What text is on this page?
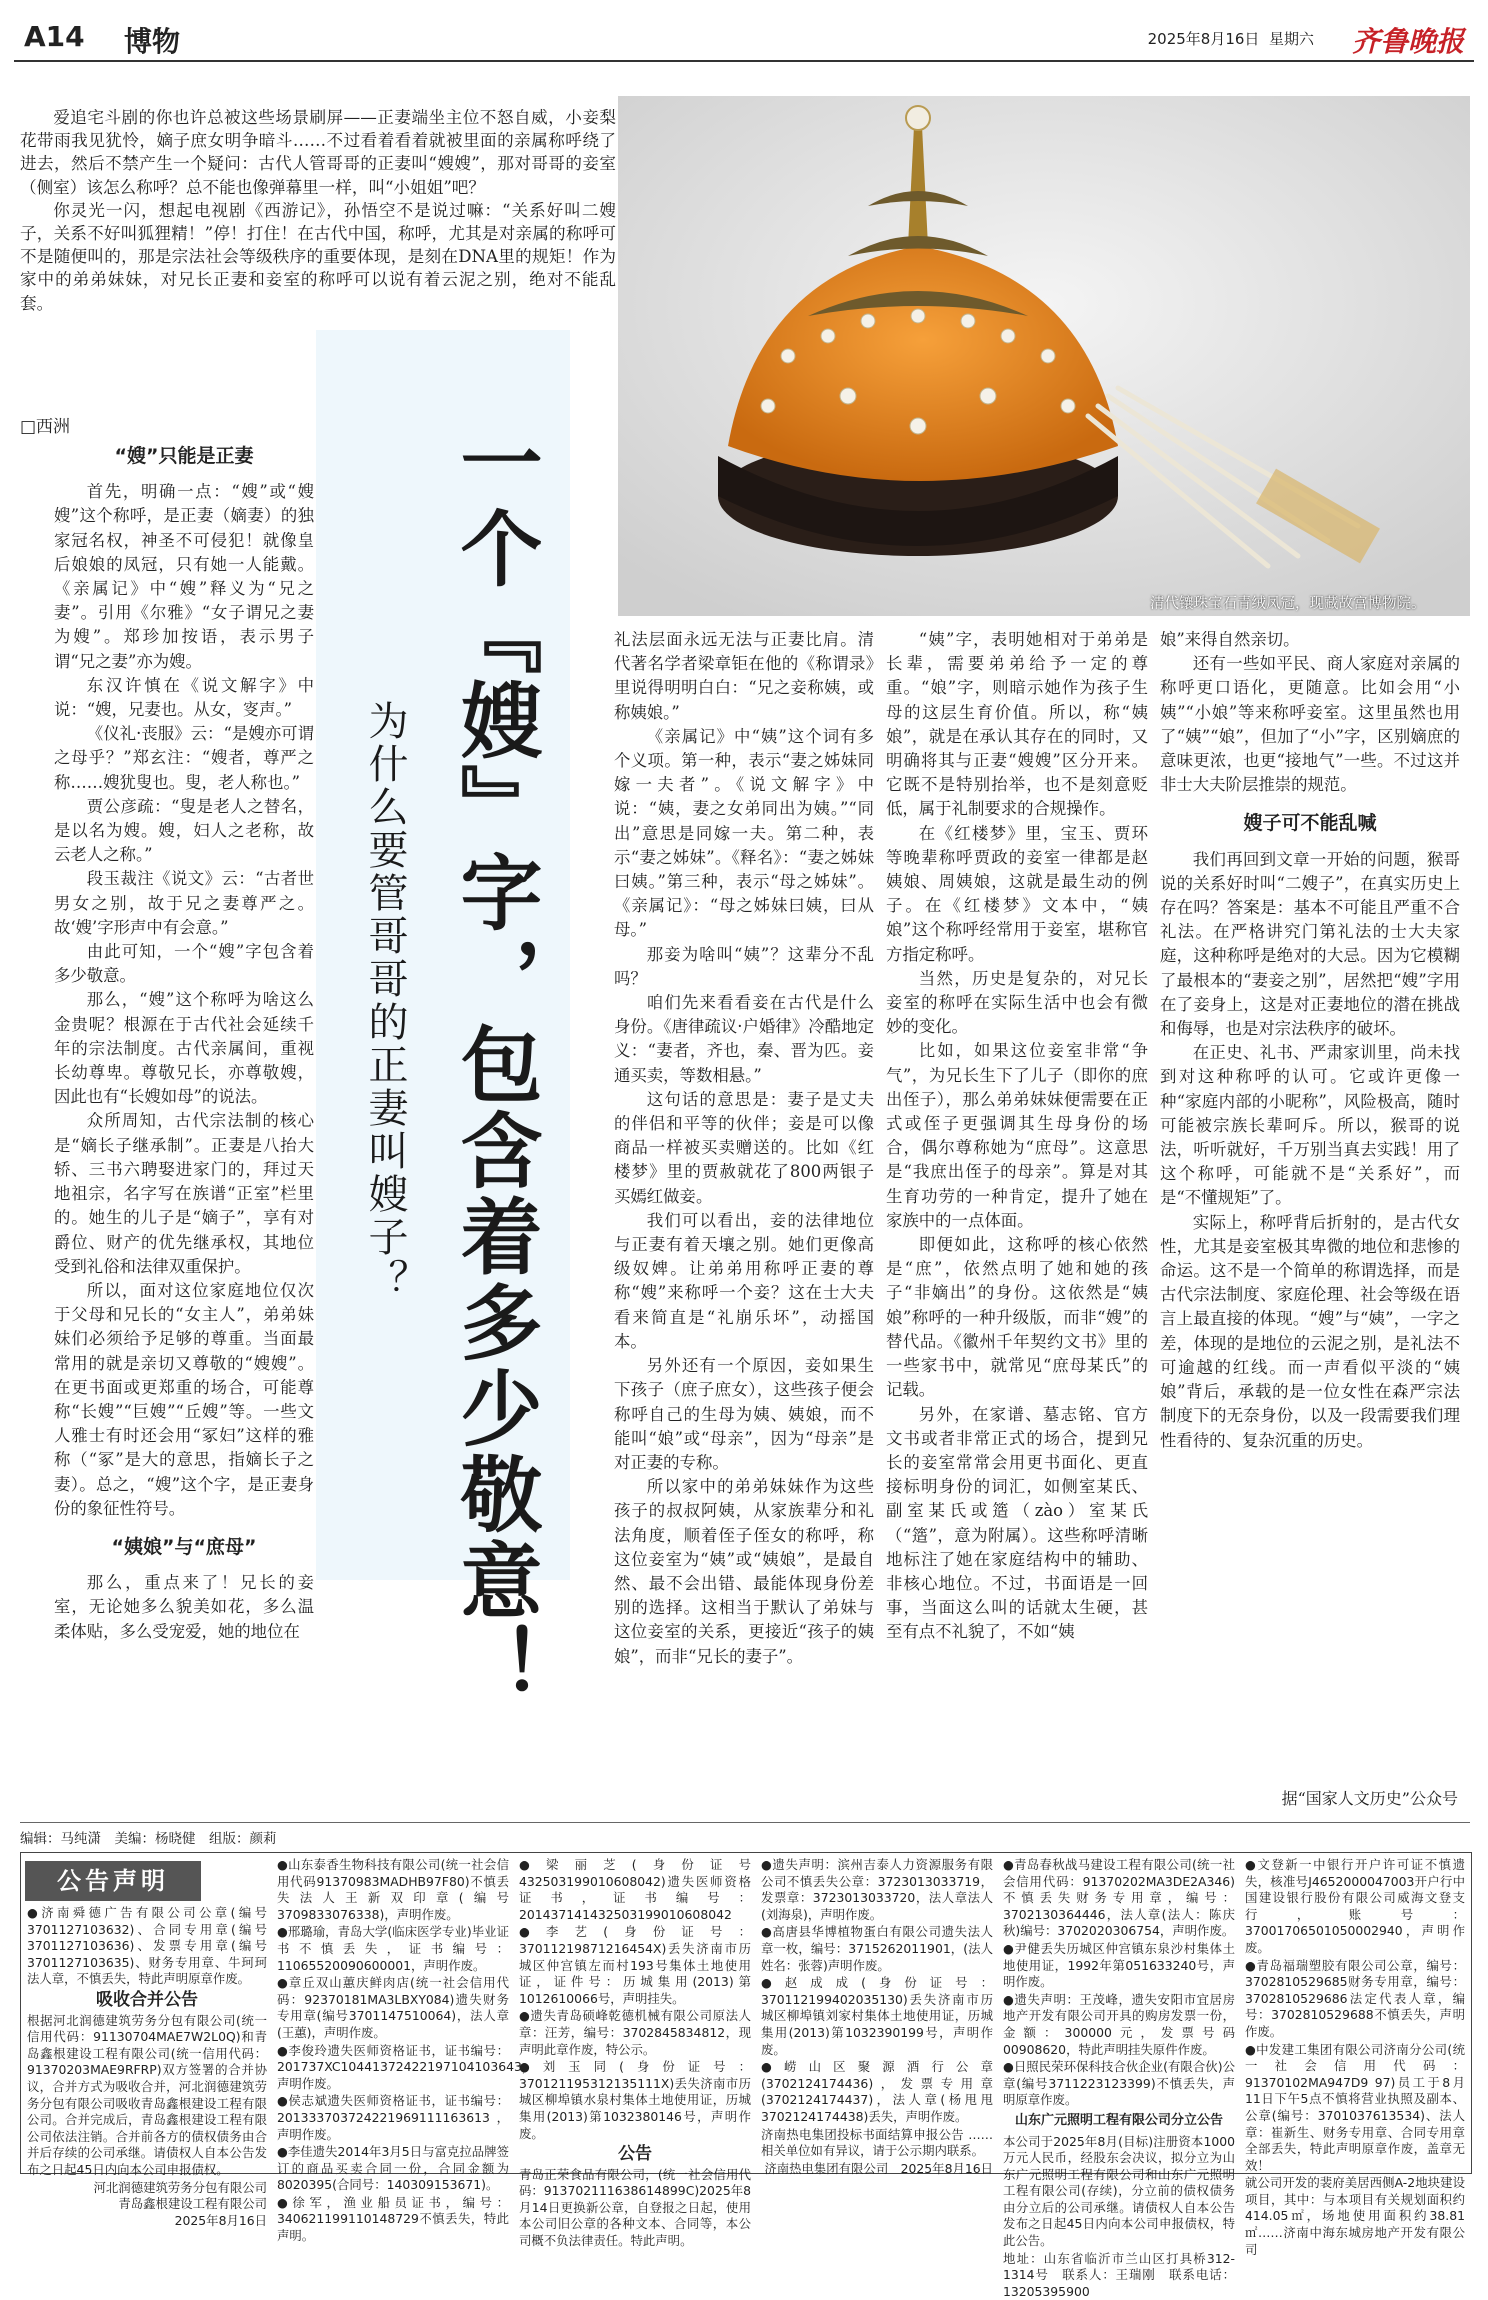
A14 博物	2025年8月16日 星期六 齐鲁晚报

爱追宅斗剧的你也许总被这些场景刷屏——正妻端坐主位不怒自威，小妾梨花带雨我见犹怜，嫡子庶女明争暗斗……不过看着看着就被里面的亲属称呼绕了进去，然后不禁产生一个疑问：古代人管哥哥的正妻叫“嫂嫂”，那对哥哥的妾室（侧室）该怎么称呼？总不能也像弹幕里一样，叫“小姐姐”吧？

你灵光一闪，想起电视剧《西游记》，孙悟空不是说过嘛：“关系好叫二嫂子，关系不好叫狐狸精！”停！打住！在古代中国，称呼，尤其是对亲属的称呼可不是随便叫的，那是宗法社会等级秩序的重要体现，是刻在DNA里的规矩！作为家中的弟弟妹妹，对兄长正妻和妾室的称呼可以说有着云泥之别，绝对不能乱套。

□西洲
清代镶珠宝石青绒凤冠，现藏故宫博物院。
一个『嫂』字，包含着多少敬意！
为什么要管哥哥的正妻叫嫂子？
“嫂”只能是正妻

首先，明确一点：“嫂”或“嫂嫂”这个称呼，是正妻（嫡妻）的独家冠名权，神圣不可侵犯！就像皇后娘娘的凤冠，只有她一人能戴。《亲属记》中“嫂”释义为“兄之妻”。引用《尔雅》“女子谓兄之妻为嫂”。郑珍加按语，表示男子谓“兄之妻”亦为嫂。

东汉许慎在《说文解字》中说：“嫂，兄妻也。从女，叜声。”

《仪礼·丧服》云：“是嫂亦可谓之母乎？”郑玄注：“嫂者，尊严之称……嫂犹叟也。叟，老人称也。”

贾公彦疏：“叟是老人之替名，是以名为嫂。嫂，妇人之老称，故云老人之称。”

段玉裁注《说文》云：“古者世男女之别，故于兄之妻尊严之。故‘嫂’字形声中有会意。”

由此可知，一个“嫂”字包含着多少敬意。

那么，“嫂”这个称呼为啥这么金贵呢？根源在于古代社会延续千年的宗法制度。古代亲属间，重视长幼尊卑。尊敬兄长，亦尊敬嫂，因此也有“长嫂如母”的说法。

众所周知，古代宗法制的核心是“嫡长子继承制”。正妻是八抬大轿、三书六聘娶进家门的，拜过天地祖宗，名字写在族谱“正室”栏里的。她生的儿子是“嫡子”，享有对爵位、财产的优先继承权，其地位受到礼俗和法律双重保护。

所以，面对这位家庭地位仅次于父母和兄长的“女主人”，弟弟妹妹们必须给予足够的尊重。当面最常用的就是亲切又尊敬的“嫂嫂”。在更书面或更郑重的场合，可能尊称“长嫂”“巨嫂”“丘嫂”等。一些文人雅士有时还会用“冢妇”这样的雅称（“冢”是大的意思，指嫡长子之妻）。总之，“嫂”这个字，是正妻身份的象征性符号。

“姨娘”与“庶母”

那么，重点来了！兄长的妾室，无论她多么貌美如花，多么温柔体贴，多么受宠爱，她的地位在

礼法层面永远无法与正妻比肩。清代著名学者梁章钜在他的《称谓录》里说得明明白白：“兄之妾称姨，或称姨娘。”

《亲属记》中“姨”这个词有多个义项。第一种，表示“妻之姊妹同嫁一夫者”。《说文解字》中说：“姨，妻之女弟同出为姨。”“同出”意思是同嫁一夫。第二种，表示“妻之姊妹”。《释名》：“妻之姊妹曰姨。”第三种，表示“母之姊妹”。《亲属记》：“母之姊妹曰姨，曰从母。”

那妾为啥叫“姨”？这辈分不乱吗？

咱们先来看看妾在古代是什么身份。《唐律疏议·户婚律》冷酷地定义：“妻者，齐也，秦、晋为匹。妾通买卖，等数相悬。”

这句话的意思是：妻子是丈夫的伴侣和平等的伙伴；妾是可以像商品一样被买卖赠送的。比如《红楼梦》里的贾赦就花了800两银子买嫣红做妾。

我们可以看出，妾的法律地位与正妻有着天壤之别。她们更像高级奴婢。让弟弟用称呼正妻的尊称“嫂”来称呼一个妾？这在士大夫看来简直是“礼崩乐坏”，动摇国本。

另外还有一个原因，妾如果生下孩子（庶子庶女），这些孩子便会称呼自己的生母为姨、姨娘，而不能叫“娘”或“母亲”，因为“母亲”是对正妻的专称。

所以家中的弟弟妹妹作为这些孩子的叔叔阿姨，从家族辈分和礼法角度，顺着侄子侄女的称呼，称这位妾室为“姨”或“姨娘”，是最自然、最不会出错、最能体现身份差别的选择。这相当于默认了弟妹与这位妾室的关系，更接近“孩子的姨娘”，而非“兄长的妻子”。

“姨”字，表明她相对于弟弟是长辈，需要弟弟给予一定的尊重。“娘”字，则暗示她作为孩子生母的这层生育价值。所以，称“姨娘”，就是在承认其存在的同时，又明确将其与正妻“嫂嫂”区分开来。它既不是特别抬举，也不是刻意贬低，属于礼制要求的合规操作。

在《红楼梦》里，宝玉、贾环等晚辈称呼贾政的妾室一律都是赵姨娘、周姨娘，这就是最生动的例子。在《红楼梦》文本中，“姨娘”这个称呼经常用于妾室，堪称官方指定称呼。

当然，历史是复杂的，对兄长妾室的称呼在实际生活中也会有微妙的变化。

比如，如果这位妾室非常“争气”，为兄长生下了儿子（即你的庶出侄子），那么弟弟妹妹便需要在正式或侄子更强调其生母身份的场合，偶尔尊称她为“庶母”。这意思是“我庶出侄子的母亲”。算是对其生育功劳的一种肯定，提升了她在家族中的一点体面。

即便如此，这称呼的核心依然是“庶”，依然点明了她和她的孩子“非嫡出”的身份。这依然是“姨娘”称呼的一种升级版，而非“嫂”的替代品。《徽州千年契约文书》里的一些家书中，就常见“庶母某氏”的记载。

另外，在家谱、墓志铭、官方文书或者非常正式的场合，提到兄长的妾室常常会用更书面化、更直接标明身份的词汇，如侧室某氏、副室某氏或簉（zào）室某氏（“簉”，意为附属）。这些称呼清晰地标注了她在家庭结构中的辅助、非核心地位。不过，书面语是一回事，当面这么叫的话就太生硬，甚至有点不礼貌了，不如“姨

娘”来得自然亲切。

还有一些如平民、商人家庭对亲属的称呼更口语化，更随意。比如会用“小姨”“小娘”等来称呼妾室。这里虽然也用了“姨”“娘”，但加了“小”字，区别嫡庶的意味更浓，也更“接地气”一些。不过这并非士大夫阶层推崇的规范。

嫂子可不能乱喊

我们再回到文章一开始的问题，猴哥说的关系好时叫“二嫂子”，在真实历史上存在吗？答案是：基本不可能且严重不合礼法。在严格讲究门第礼法的士大夫家庭，这种称呼是绝对的大忌。因为它模糊了最根本的“妻妾之别”，居然把“嫂”字用在了妾身上，这是对正妻地位的潜在挑战和侮辱，也是对宗法秩序的破坏。

在正史、礼书、严肃家训里，尚未找到对这种称呼的认可。它或许更像一种“家庭内部的小昵称”，风险极高，随时可能被宗族长辈呵斥。所以，猴哥的说法，听听就好，千万别当真去实践！用了这个称呼，可能就不是“关系好”，而是“不懂规矩”了。

实际上，称呼背后折射的，是古代女性，尤其是妾室极其卑微的地位和悲惨的命运。这不是一个简单的称谓选择，而是古代宗法制度、家庭伦理、社会等级在语言上最直接的体现。“嫂”与“姨”，一字之差，体现的是地位的云泥之别，是礼法不可逾越的红线。而一声看似平淡的“姨娘”背后，承载的是一位女性在森严宗法制度下的无奈身份，以及一段需要我们理性看待的、复杂沉重的历史。

据“国家人文历史”公众号
编辑：马纯潇　美编：杨晓健　组版：颜莉
公告声明

●济南舜德广告有限公司公章(编号3701127103632)、合同专用章(编号3701127103636)、发票专用章(编号3701127103635)、财务专用章、牛珂珂法人章，不慎丢失，特此声明原章作废。

吸收合并公告

根据河北润德建筑劳务分包有限公司(统一信用代码：91130704MAE7W2L0Q)和青岛鑫根建设工程有限公司(统一信用代码：91370203MAE9RFRP)双方签署的合并协议，合并方式为吸收合并，河北润德建筑劳务分包有限公司吸收青岛鑫根建设工程有限公司。合并完成后，青岛鑫根建设工程有限公司依法注销。合并前各方的债权债务由合并后存续的公司承继。请债权人自本公告发布之日起45日内向本公司申报债权。

河北润德建筑劳务分包有限公司
青岛鑫根建设工程有限公司
2025年8月16日

●山东泰香生物科技有限公司(统一社会信用代码91370983MADHB97F80)不慎丢失法人王新双印章(编号3709833076338)，声明作废。

●邢璐瑜，青岛大学(临床医学专业)毕业证书不慎丢失，证书编号：11065520090600001，声明作废。

●章丘双山蕙庆鲜肉店(统一社会信用代码：92370181MA3LBXY084)遗失财务专用章(编号3701147510064)，法人章(王蕙)，声明作废。

●李俊玲遗失医师资格证书，证书编号：201737XC10441372422197104103643，声明作废。

●侯志斌遗失医师资格证书，证书编号：201333703724221969111163613，声明作废。

●李佳遗失2014年3月5日与富克拉品牌签订的商品买卖合同一份，合同金额为8020395(合同号：140309153671)。

●徐军，渔业船员证书，编号：340621199110148729不慎丢失，特此声明。

●梁丽芝(身份证号432503199010608042)遗失医师资格证书，证书编号：201437141432503199010608042

●李艺(身份证号：37011219871216454X)丢失济南市历城区仲宫镇左而村193号集体土地使用证，证件号：历城集用(2013)第1012610066号，声明挂失。

●遗失青岛硕峰乾德机械有限公司原法人章：汪芳，编号：3702845834812，现声明此章作废，特公示。

●刘玉同(身份证号：370121195312135111X)丢失济南市历城区柳埠镇水泉村集体土地使用证，历城集用(2013)第1032380146号，声明作废。

公告

青岛正荣食品有限公司，(统一社会信用代码：913702111638614899C)2025年8月14日更换新公章，自登报之日起，使用本公司旧公章的各种文本、合同等，本公司概不负法律责任。特此声明。

●遗失声明：滨州吉泰人力资源服务有限公司不慎丢失公章：3723013033719，发票章：3723013033720，法人章法人(刘海泉)，声明作废。

●高唐县华博植物蛋白有限公司遗失法人章一枚，编号：3715262011901，(法人姓名：张蓉)声明作废。

●赵成成(身份证号：370112199402035130)丢失济南市历城区柳埠镇刘家村集体土地使用证，历城集用(2013)第1032390199号，声明作废。

●崂山区聚源酒行公章(3702124174436)，发票专用章(3702124174437)，法人章(杨甩甩3702124174438)丢失，声明作废。

济南热电集团投标书面结算申报公告 ……相关单位如有异议，请于公示期内联系。

济南热电集团有限公司　2025年8月16日

●青岛春秋战马建设工程有限公司(统一社会信用代码：91370202MA3DE2A346)不慎丢失财务专用章，编号：3702130364446，法人章(法人：陈庆秋)编号：3702020306754，声明作废。

●尹健丢失历城区仲宫镇东泉沙村集体土地使用证，1992年第051633240号，声明作废。

●遗失声明：王茂峰，遗失安阳市宜居房地产开发有限公司开具的购房发票一份，金额：300000元，发票号码00908620，特此声明挂失原件作废。

●日照民荣环保科技合伙企业(有限合伙)公章(编号3711223123399)不慎丢失，声明原章作废。

山东广元照明工程有限公司分立公告

本公司于2025年8月(目标)注册资本1000万元人民币，经股东会决议，拟分立为山东广元照明工程有限公司和山东广元照明工程有限公司(存续)，分立前的债权债务由分立后的公司承继。请债权人自本公告发布之日起45日内向本公司申报债权，特此公告。

地址：山东省临沂市兰山区打具桥312-1314号　联系人：王瑞刚　联系电话：13205395900

●文登新一中银行开户许可证不慎遗失，核准号J4652000047003开户行中国建设银行股份有限公司威海文登支行，账号：37001706501050002940，声明作废。

●青岛福瑞塑胶有限公司公章，编号：3702810529685财务专用章，编号：3702810529686法定代表人章，编号：3702810529688不慎丢失，声明作废。

●中发建工集团有限公司济南分公司(统一社会信用代码：91370102MA947D9 97)员工于8月11日下午5点不慎将营业执照及副本、公章(编号：3701037613534)、法人章：崔新生、财务专用章、合同专用章全部丢失，特此声明原章作废，盖章无效！

就公司开发的裴府美居西侧A-2地块建设项目，其中：与本项目有关规划面积约414.05㎡，场地使用面积约38.81㎡……济南中海东城房地产开发有限公司
